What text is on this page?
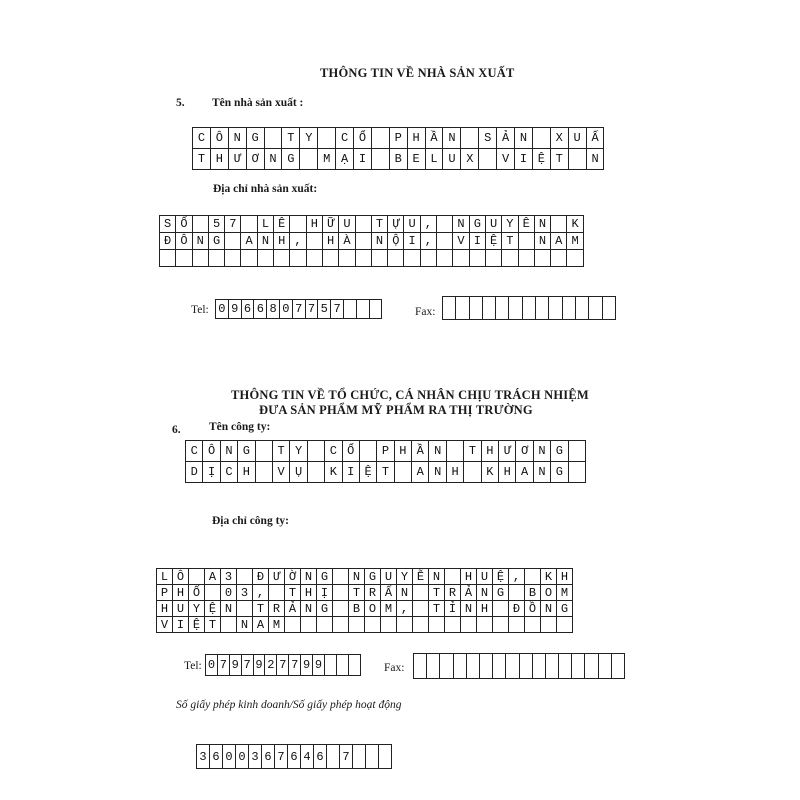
THÔNG TIN VỀ NHÀ SẢN XUẤT
5. Tên nhà sản xuất :
C Ô N G	T Y	C Ổ	P H Ầ N	S Ả N	X U Ấ
T H Ư Ơ N G	M Ạ I	B E L U X	V I Ệ T	N
Địa chỉ nhà sản xuất:
S Ố	5 7	L Ê	H Ữ U	T Ự U ,	N G U Y Ê N	K
Đ Ô N G	A N H ,	H À	N Ộ I ,	V I Ệ T	N A M
Tel: 0 9 6 6 8 0 7 7 5 7	Fax:
THÔNG TIN VỀ TỔ CHỨC, CÁ NHÂN CHỊU TRÁCH NHIỆM
ĐƯA SẢN PHẨM MỸ PHẨM RA THỊ TRƯỜNG
6. Tên công ty:
C Ô N G	T Y	C Ổ	P H Ầ N	T H Ư Ơ N G
D Ị C H	V Ụ	K I Ệ T	A N H	K H A N G
Địa chỉ công ty:
L Ô	A 3	Đ Ư Ờ N G	N G U Y Ễ N	H U Ệ ,	K H
P H Ố	0 3 ,	T H Ị	T R Ấ N	T R Ả N G	B O M
H U Y Ệ N	T R Ả N G	B O M ,	T Ỉ N H	Đ Ồ N G
V I Ệ T	N A M
Tel: 0 7 9 7 9 2 7 7 9 9	Fax:
Số giấy phép kinh doanh/Số giấy phép hoạt động
3 6 0 0 3 6 7 6 4 6 7
